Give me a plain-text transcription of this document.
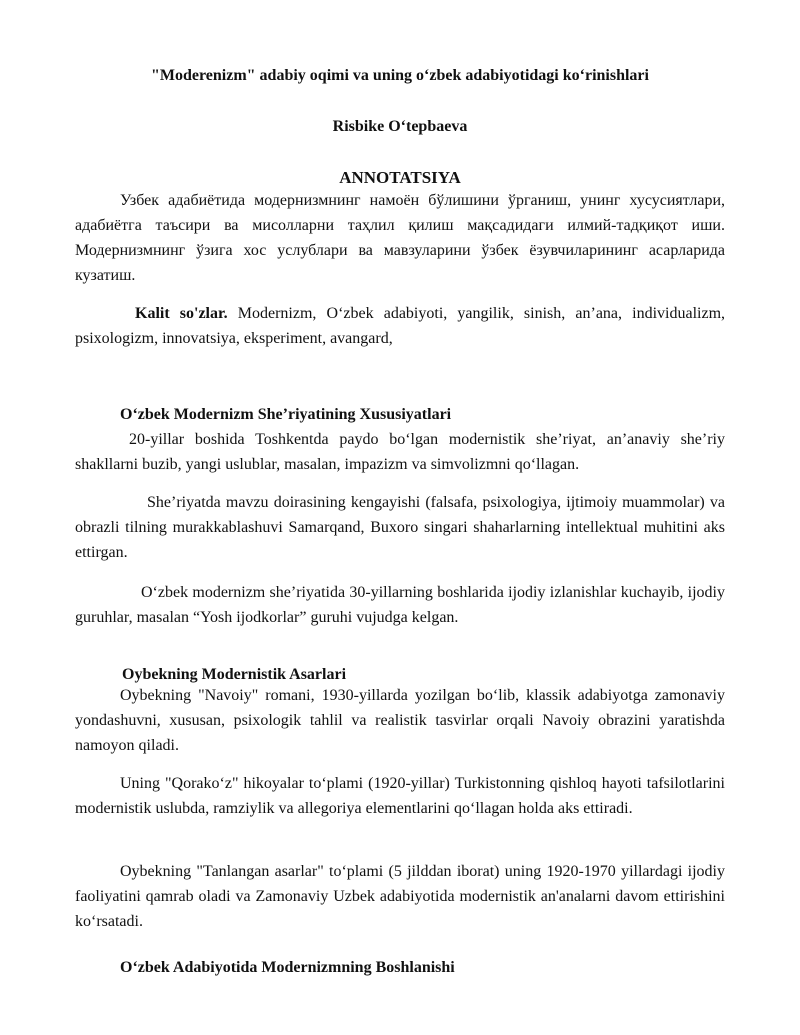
"Moderenizm" adabiy oqimi va uning o‘zbek adabiyotidagi ko‘rinishlari
Risbike O‘tepbaeva
ANNOTATSIYA
Узбек адабиётида модернизмнинг намоён бўлишини ўрганиш, унинг хусусиятлари, адабиётга таъсири ва мисолларни таҳлил қилиш мақсадидаги илмий-тадқиқот иши. Модернизмнинг ўзига хос услублари ва мавзуларини ўзбек ёзувчиларининг асарларида кузатиш.
Kalit so'zlar. Modernizm, O‘zbek adabiyoti, yangilik, sinish, an’ana, individualizm, psixologizm, innovatsiya, eksperiment, avangard,
O‘zbek Modernizm She’riyatining Xususiyatlari
20-yillar boshida Toshkentda paydo bo‘lgan modernistik she’riyat, an’anaviy she’riy shakllarni buzib, yangi uslublar, masalan, impazizm va simvolizmni qo‘llagan.
She’riyatda mavzu doirasining kengayishi (falsafa, psixologiya, ijtimoiy muammolar) va obrazli tilning murakkablashuvi Samarqand, Buxoro singari shaharlarning intellektual muhitini aks ettirgan.
O‘zbek modernizm she’riyatida 30-yillarning boshlarida ijodiy izlanishlar kuchayib, ijodiy guruhlar, masalan “Yosh ijodkorlar” guruhi vujudga kelgan.
Oybekning Modernistik Asarlari
Oybekning "Navoiy" romani, 1930-yillarda yozilgan bo‘lib, klassik adabiyotga zamonaviy yondashuvni, xususan, psixologik tahlil va realistik tasvirlar orqali Navoiy obrazini yaratishda namoyon qiladi.
Uning "Qorako‘z" hikoyalar to‘plami (1920-yillar) Turkistonning qishloq hayoti tafsilotlarini modernistik uslubda, ramziylik va allegoriya elementlarini qo‘llagan holda aks ettiradi.
Oybekning "Tanlangan asarlar" to‘plami (5 jilddan iborat) uning 1920-1970 yillardagi ijodiy faoliyatini qamrab oladi va Zamonaviy Uzbek adabiyotida modernistik an'analarni davom ettirishini ko‘rsatadi.
O‘zbek Adabiyotida Modernizmning Boshlanishi
